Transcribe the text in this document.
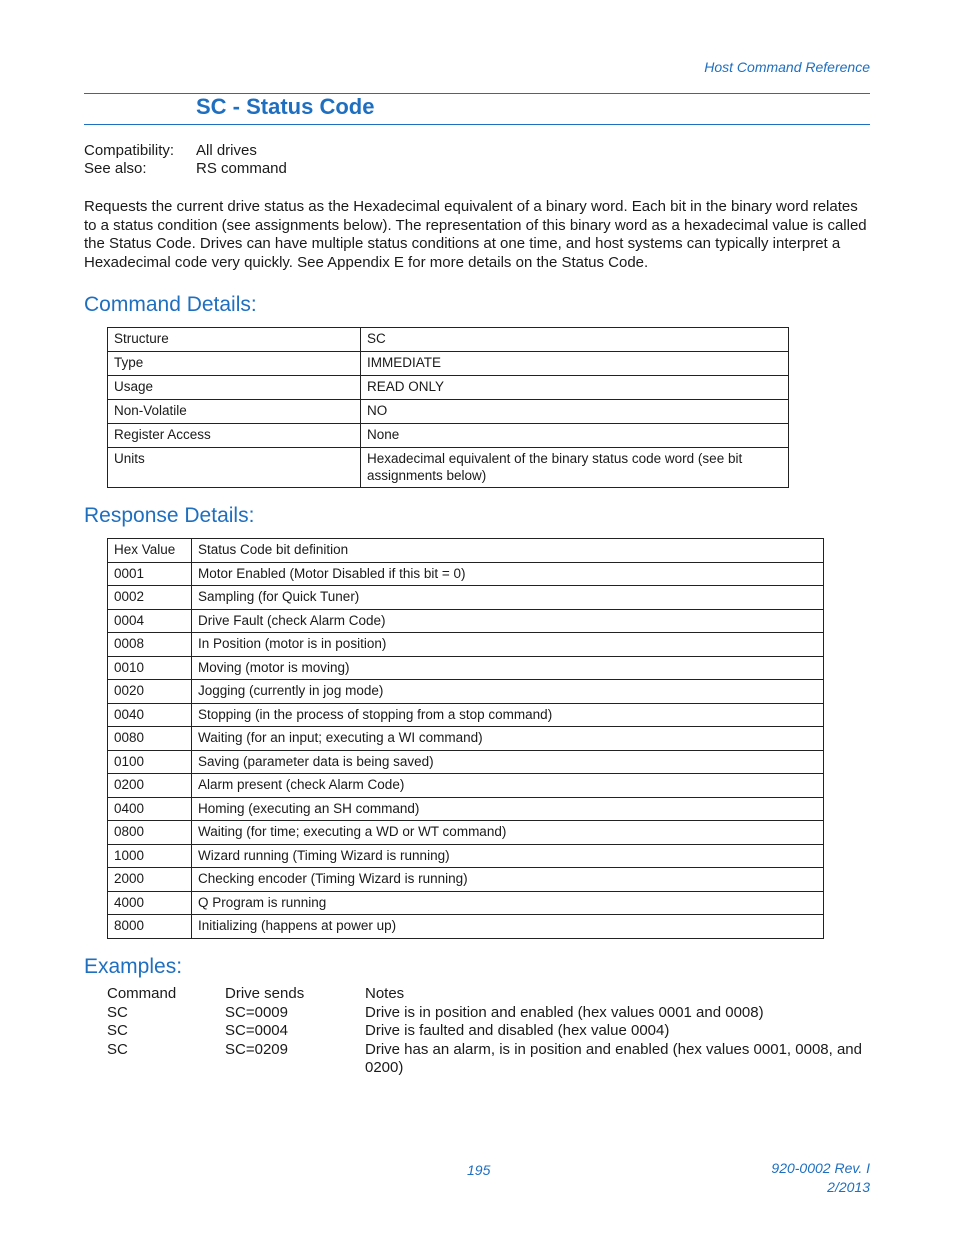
Host Command Reference
SC - Status Code
Compatibility:	All drives
See also:	RS command
Requests the current drive status as the Hexadecimal equivalent of a binary word. Each bit in the binary word relates to a status condition (see assignments below). The representation of this binary word as a hexadecimal value is called the Status Code. Drives can have multiple status conditions at one time, and host systems can typically interpret a Hexadecimal code very quickly. See Appendix E for more details on the Status Code.
Command Details:
Structure	SC
Type	IMMEDIATE
Usage	READ ONLY
Non-Volatile	NO
Register Access	None
Units	Hexadecimal equivalent of the binary status code word (see bit assignments below)
Response Details:
Hex Value	Status Code bit definition
0001	Motor Enabled (Motor Disabled if this bit = 0)
0002	Sampling (for Quick Tuner)
0004	Drive Fault (check Alarm Code)
0008	In Position (motor is in position)
0010	Moving (motor is moving)
0020	Jogging (currently in jog mode)
0040	Stopping (in the process of stopping from a stop command)
0080	Waiting (for an input; executing a WI command)
0100	Saving (parameter data is being saved)
0200	Alarm present (check Alarm Code)
0400	Homing (executing an SH command)
0800	Waiting (for time; executing a WD or WT command)
1000	Wizard running (Timing Wizard is running)
2000	Checking encoder (Timing Wizard is running)
4000	Q Program is running
8000	Initializing (happens at power up)
Examples:
Command	Drive sends	Notes
SC	SC=0009	Drive is in position and enabled (hex values 0001 and 0008)
SC	SC=0004	Drive is faulted and disabled (hex value 0004)
SC	SC=0209	Drive has an alarm, is in position and enabled (hex values 0001, 0008, and 0200)
195	920-0002 Rev. I
2/2013
